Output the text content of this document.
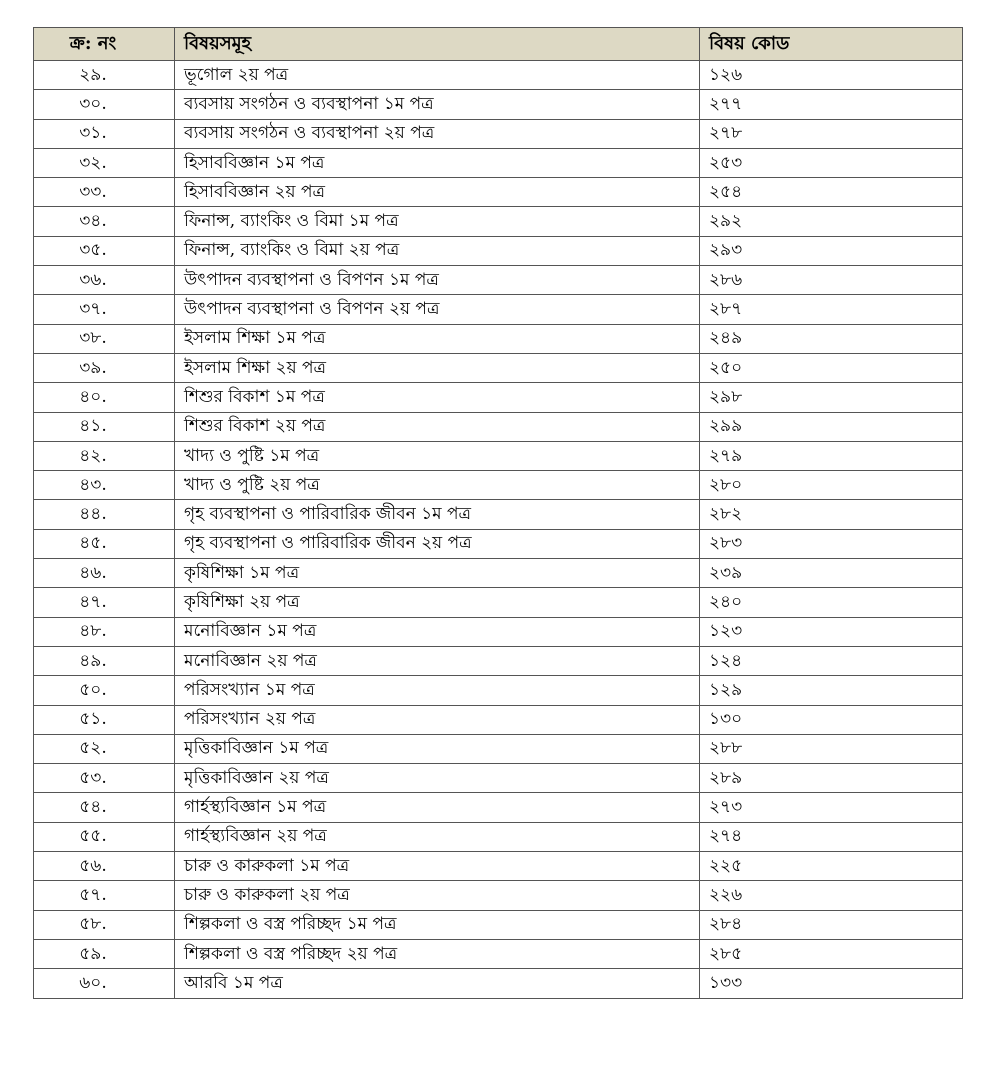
ক্র: নং	বিষয়সমূহ	বিষয় কোড
২৯.	ভূগোল ২য় পত্র	১২৬
৩০.	ব্যবসায় সংগঠন ও ব্যবস্থাপনা ১ম পত্র	২৭৭
৩১.	ব্যবসায় সংগঠন ও ব্যবস্থাপনা ২য় পত্র	২৭৮
৩২.	হিসাববিজ্ঞান ১ম পত্র	২৫৩
৩৩.	হিসাববিজ্ঞান ২য় পত্র	২৫৪
৩৪.	ফিনান্স, ব্যাংকিং ও বিমা ১ম পত্র	২৯২
৩৫.	ফিনান্স, ব্যাংকিং ও বিমা ২য় পত্র	২৯৩
৩৬.	উৎপাদন ব্যবস্থাপনা ও বিপণন ১ম পত্র	২৮৬
৩৭.	উৎপাদন ব্যবস্থাপনা ও বিপণন ২য় পত্র	২৮৭
৩৮.	ইসলাম শিক্ষা ১ম পত্র	২৪৯
৩৯.	ইসলাম শিক্ষা ২য় পত্র	২৫০
৪০.	শিশুর বিকাশ ১ম পত্র	২৯৮
৪১.	শিশুর বিকাশ ২য় পত্র	২৯৯
৪২.	খাদ্য ও পুষ্টি ১ম পত্র	২৭৯
৪৩.	খাদ্য ও পুষ্টি ২য় পত্র	২৮০
৪৪.	গৃহ ব্যবস্থাপনা ও পারিবারিক জীবন ১ম পত্র	২৮২
৪৫.	গৃহ ব্যবস্থাপনা ও পারিবারিক জীবন ২য় পত্র	২৮৩
৪৬.	কৃষিশিক্ষা ১ম পত্র	২৩৯
৪৭.	কৃষিশিক্ষা ২য় পত্র	২৪০
৪৮.	মনোবিজ্ঞান ১ম পত্র	১২৩
৪৯.	মনোবিজ্ঞান ২য় পত্র	১২৪
৫০.	পরিসংখ্যান ১ম পত্র	১২৯
৫১.	পরিসংখ্যান ২য় পত্র	১৩০
৫২.	মৃত্তিকাবিজ্ঞান ১ম পত্র	২৮৮
৫৩.	মৃত্তিকাবিজ্ঞান ২য় পত্র	২৮৯
৫৪.	গার্হস্থ্যবিজ্ঞান ১ম পত্র	২৭৩
৫৫.	গার্হস্থ্যবিজ্ঞান ২য় পত্র	২৭৪
৫৬.	চারু ও কারুকলা ১ম পত্র	২২৫
৫৭.	চারু ও কারুকলা ২য় পত্র	২২৬
৫৮.	শিল্পকলা ও বস্ত্র পরিচ্ছদ ১ম পত্র	২৮৪
৫৯.	শিল্পকলা ও বস্ত্র পরিচ্ছদ ২য় পত্র	২৮৫
৬০.	আরবি ১ম পত্র	১৩৩
